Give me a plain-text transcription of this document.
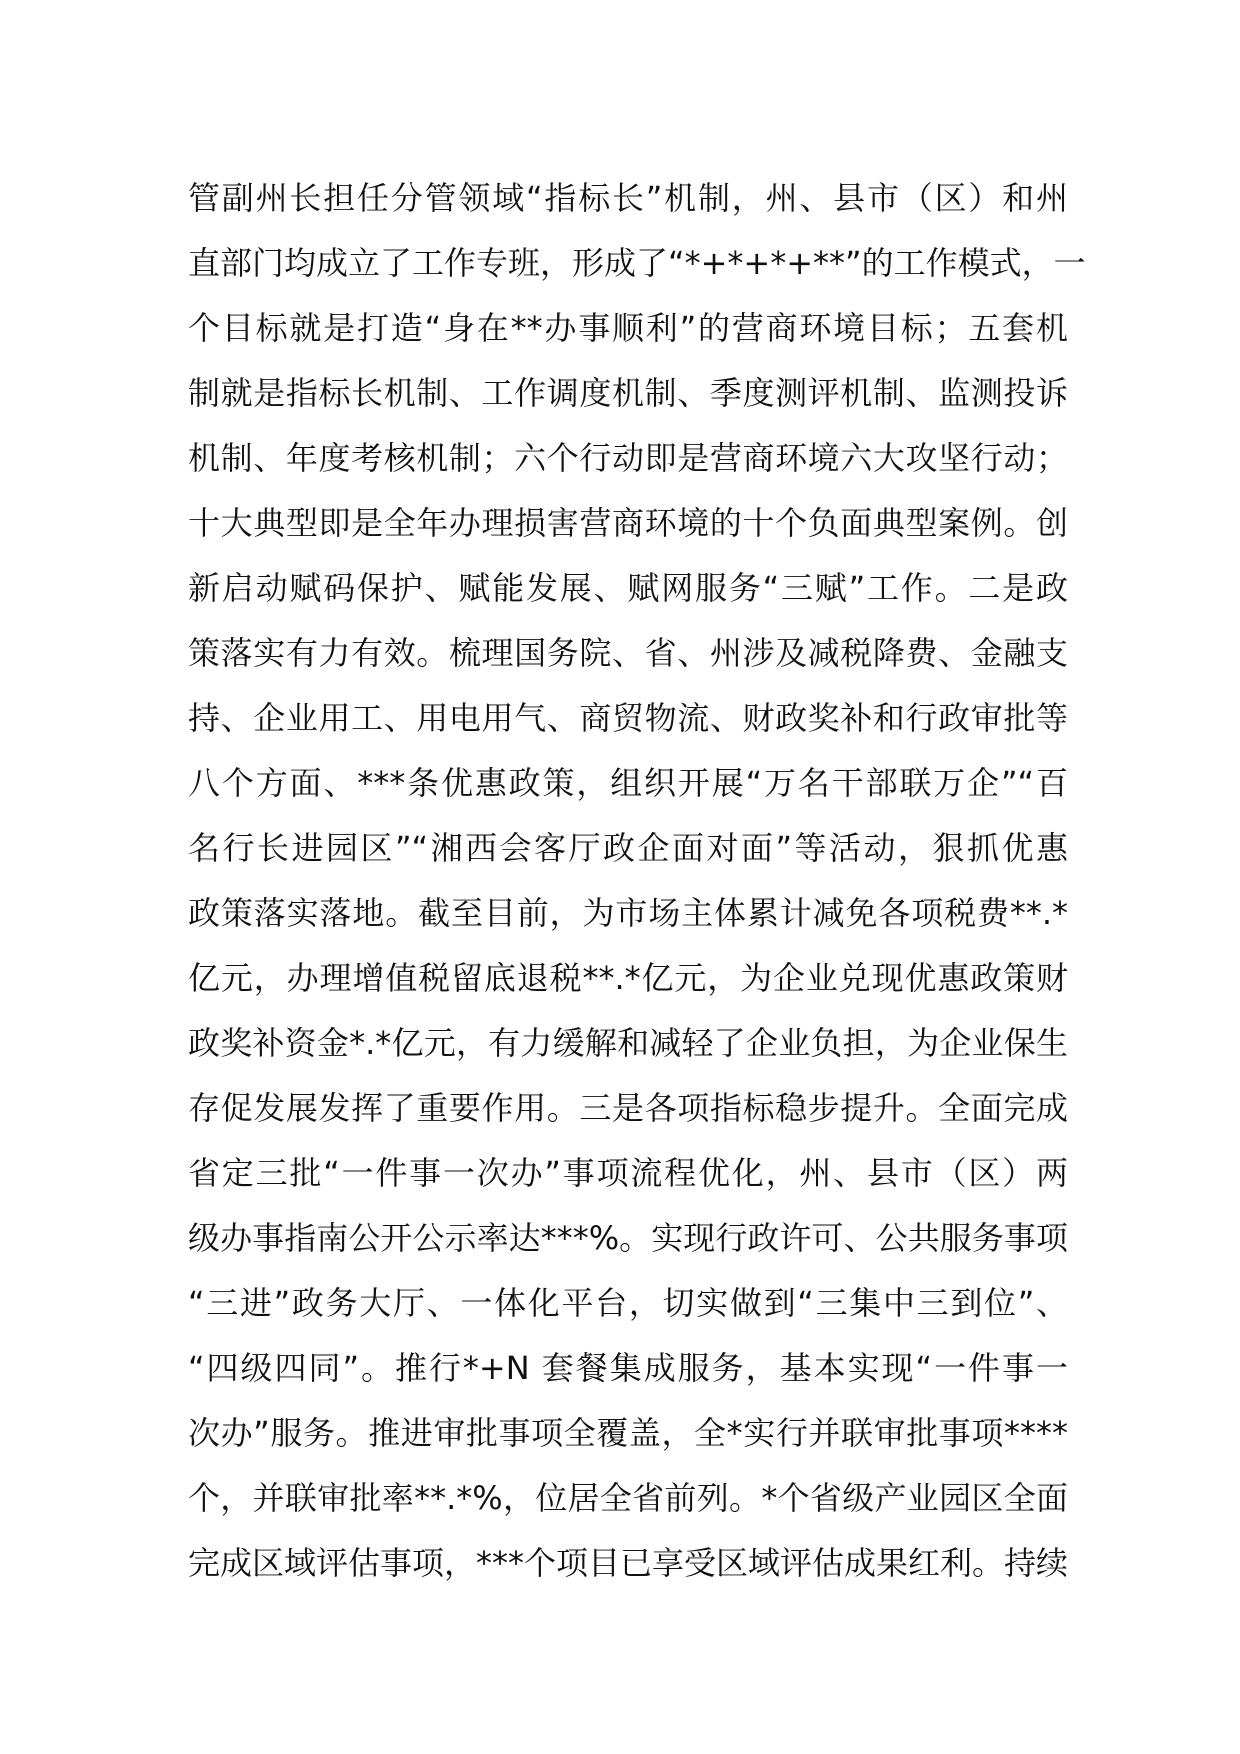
管副州长担任分管领域“指标长”机制，州、县市（区）和州
直部门均成立了工作专班，形成了“*+*+*+**”的工作模式，一
个目标就是打造“身在**办事顺利”的营商环境目标；五套机
制就是指标长机制、工作调度机制、季度测评机制、监测投诉
机制、年度考核机制；六个行动即是营商环境六大攻坚行动；
十大典型即是全年办理损害营商环境的十个负面典型案例。创
新启动赋码保护、赋能发展、赋网服务“三赋”工作。二是政
策落实有力有效。梳理国务院、省、州涉及减税降费、金融支
持、企业用工、用电用气、商贸物流、财政奖补和行政审批等
八个方面、***条优惠政策，组织开展“万名干部联万企”“百
名行长进园区”“湘西会客厅政企面对面”等活动，狠抓优惠
政策落实落地。截至目前，为市场主体累计减免各项税费**.*
亿元，办理增值税留底退税**.*亿元，为企业兑现优惠政策财
政奖补资金*.*亿元，有力缓解和减轻了企业负担，为企业保生
存促发展发挥了重要作用。三是各项指标稳步提升。全面完成
省定三批“一件事一次办”事项流程优化，州、县市（区）两
级办事指南公开公示率达***%。实现行政许可、公共服务事项
“三进”政务大厅、一体化平台，切实做到“三集中三到位”、
“四级四同”。推行*+N 套餐集成服务，基本实现“一件事一
次办”服务。推进审批事项全覆盖，全*实行并联审批事项****
个，并联审批率**.*%，位居全省前列。*个省级产业园区全面
完成区域评估事项，***个项目已享受区域评估成果红利。持续
